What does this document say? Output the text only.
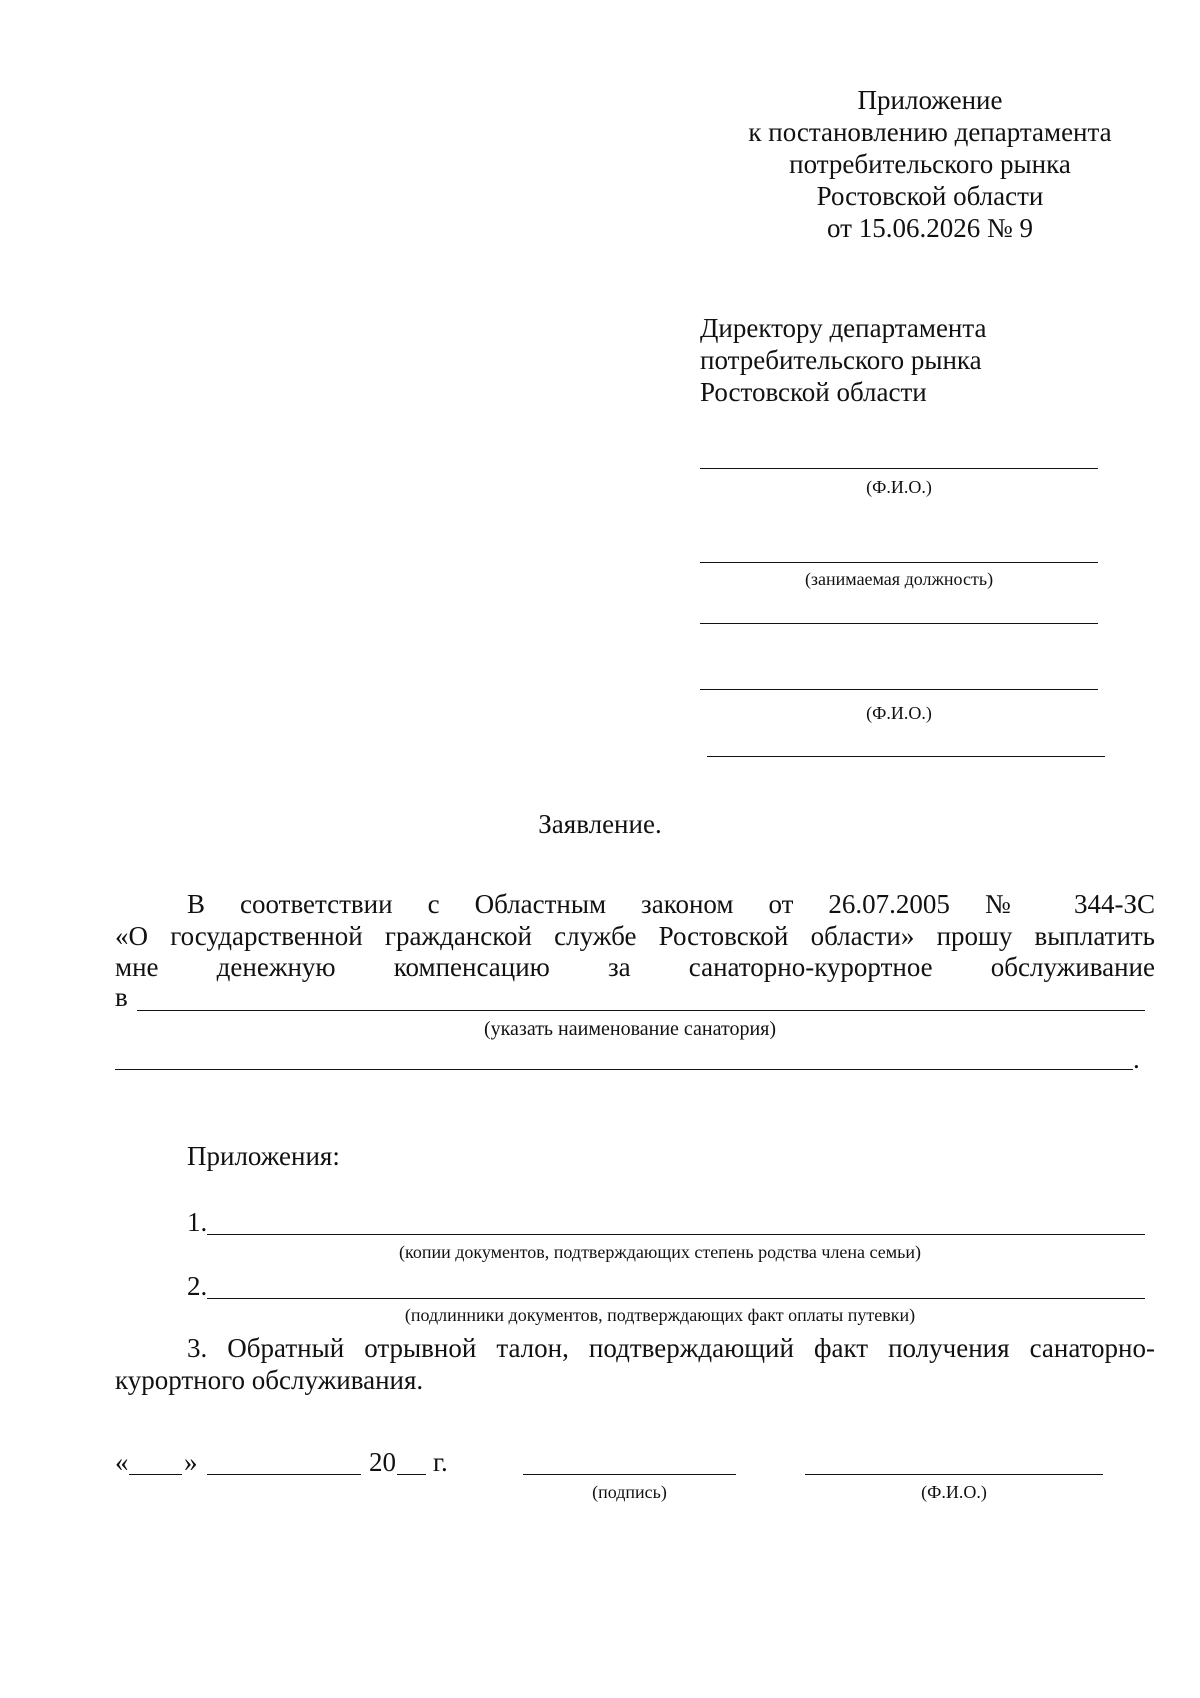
Приложение
к постановлению департамента
потребительского рынка
Ростовской области
от 15.06.2026 № 9
Директору департамента
потребительского рынка
Ростовской области
(Ф.И.О.)
(занимаемая должность)
(Ф.И.О.)
Заявление.
В соответствии с Областным законом от 26.07.2005 № 344-ЗС
«О государственной гражданской службе Ростовской области» прошу выплатить
мне денежную компенсацию за санаторно-курортное обслуживание
в
(указать наименование санатория)
.
Приложения:
1.
(копии документов, подтверждающих степень родства члена семьи)
2.
(подлинники документов, подтверждающих факт оплаты путевки)
3. Обратный отрывной талон, подтверждающий факт получения санаторно-
курортного обслуживания.
« »	20 г.
(подпись)	(Ф.И.О.)
